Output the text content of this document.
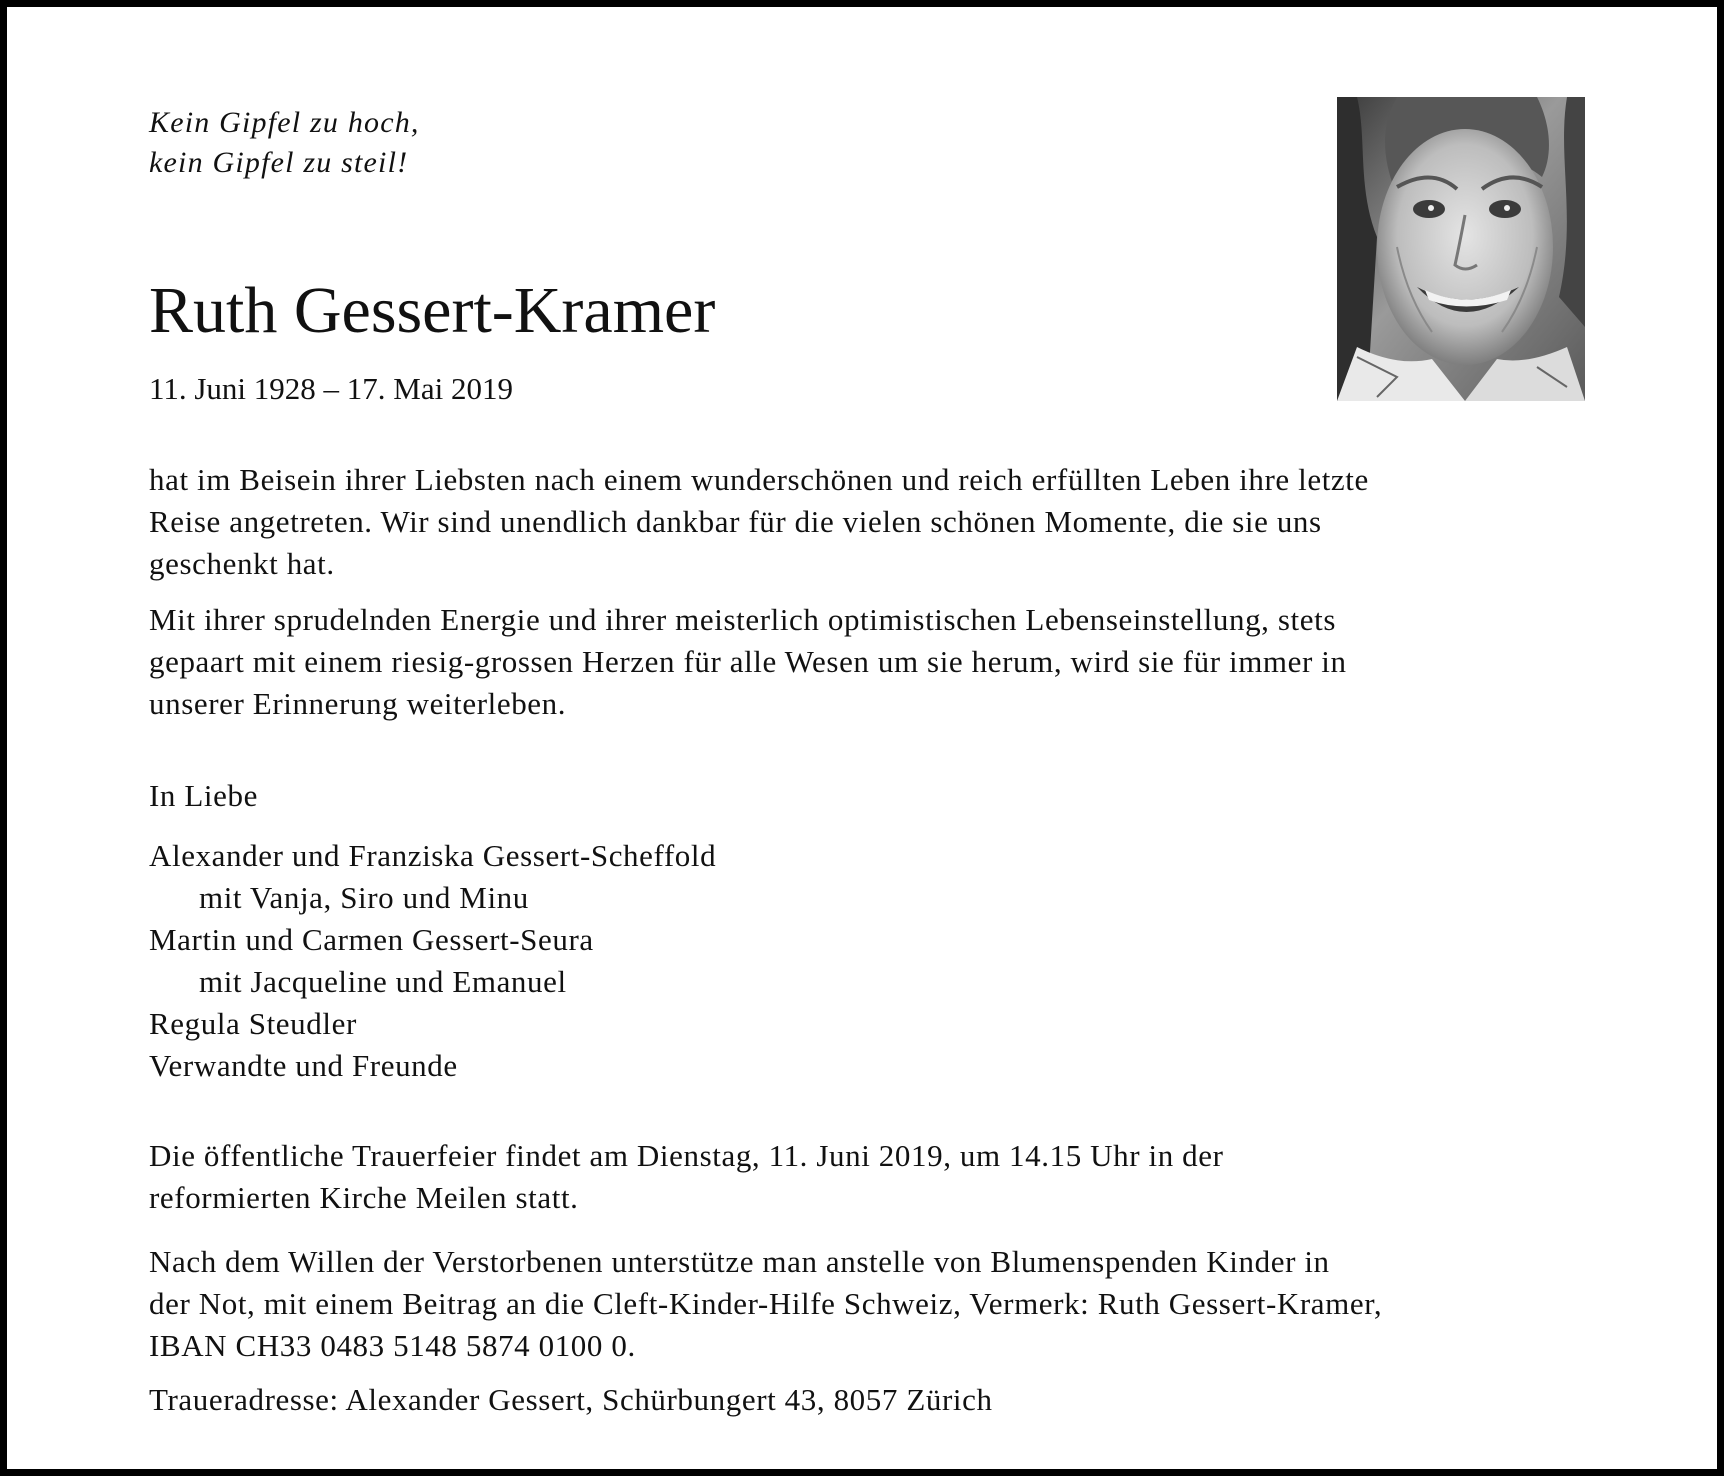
Kein Gipfel zu hoch,
kein Gipfel zu steil!
Ruth Gessert-Kramer
11. Juni 1928 – 17. Mai 2019
hat im Beisein ihrer Liebsten nach einem wunderschönen und reich erfüllten Leben ihre letzte
Reise angetreten. Wir sind unendlich dankbar für die vielen schönen Momente, die sie uns
geschenkt hat.
Mit ihrer sprudelnden Energie und ihrer meisterlich optimistischen Lebenseinstellung, stets
gepaart mit einem riesig-grossen Herzen für alle Wesen um sie herum, wird sie für immer in
unserer Erinnerung weiterleben.
In Liebe
Alexander und Franziska Gessert-Scheffold
mit Vanja, Siro und Minu
Martin und Carmen Gessert-Seura
mit Jacqueline und Emanuel
Regula Steudler
Verwandte und Freunde
Die öffentliche Trauerfeier findet am Dienstag, 11. Juni 2019, um 14.15 Uhr in der
reformierten Kirche Meilen statt.
Nach dem Willen der Verstorbenen unterstütze man anstelle von Blumenspenden Kinder in
der Not, mit einem Beitrag an die Cleft-Kinder-Hilfe Schweiz, Vermerk: Ruth Gessert-Kramer,
IBAN CH33 0483 5148 5874 0100 0.
Traueradresse: Alexander Gessert, Schürbungert 43, 8057 Zürich
